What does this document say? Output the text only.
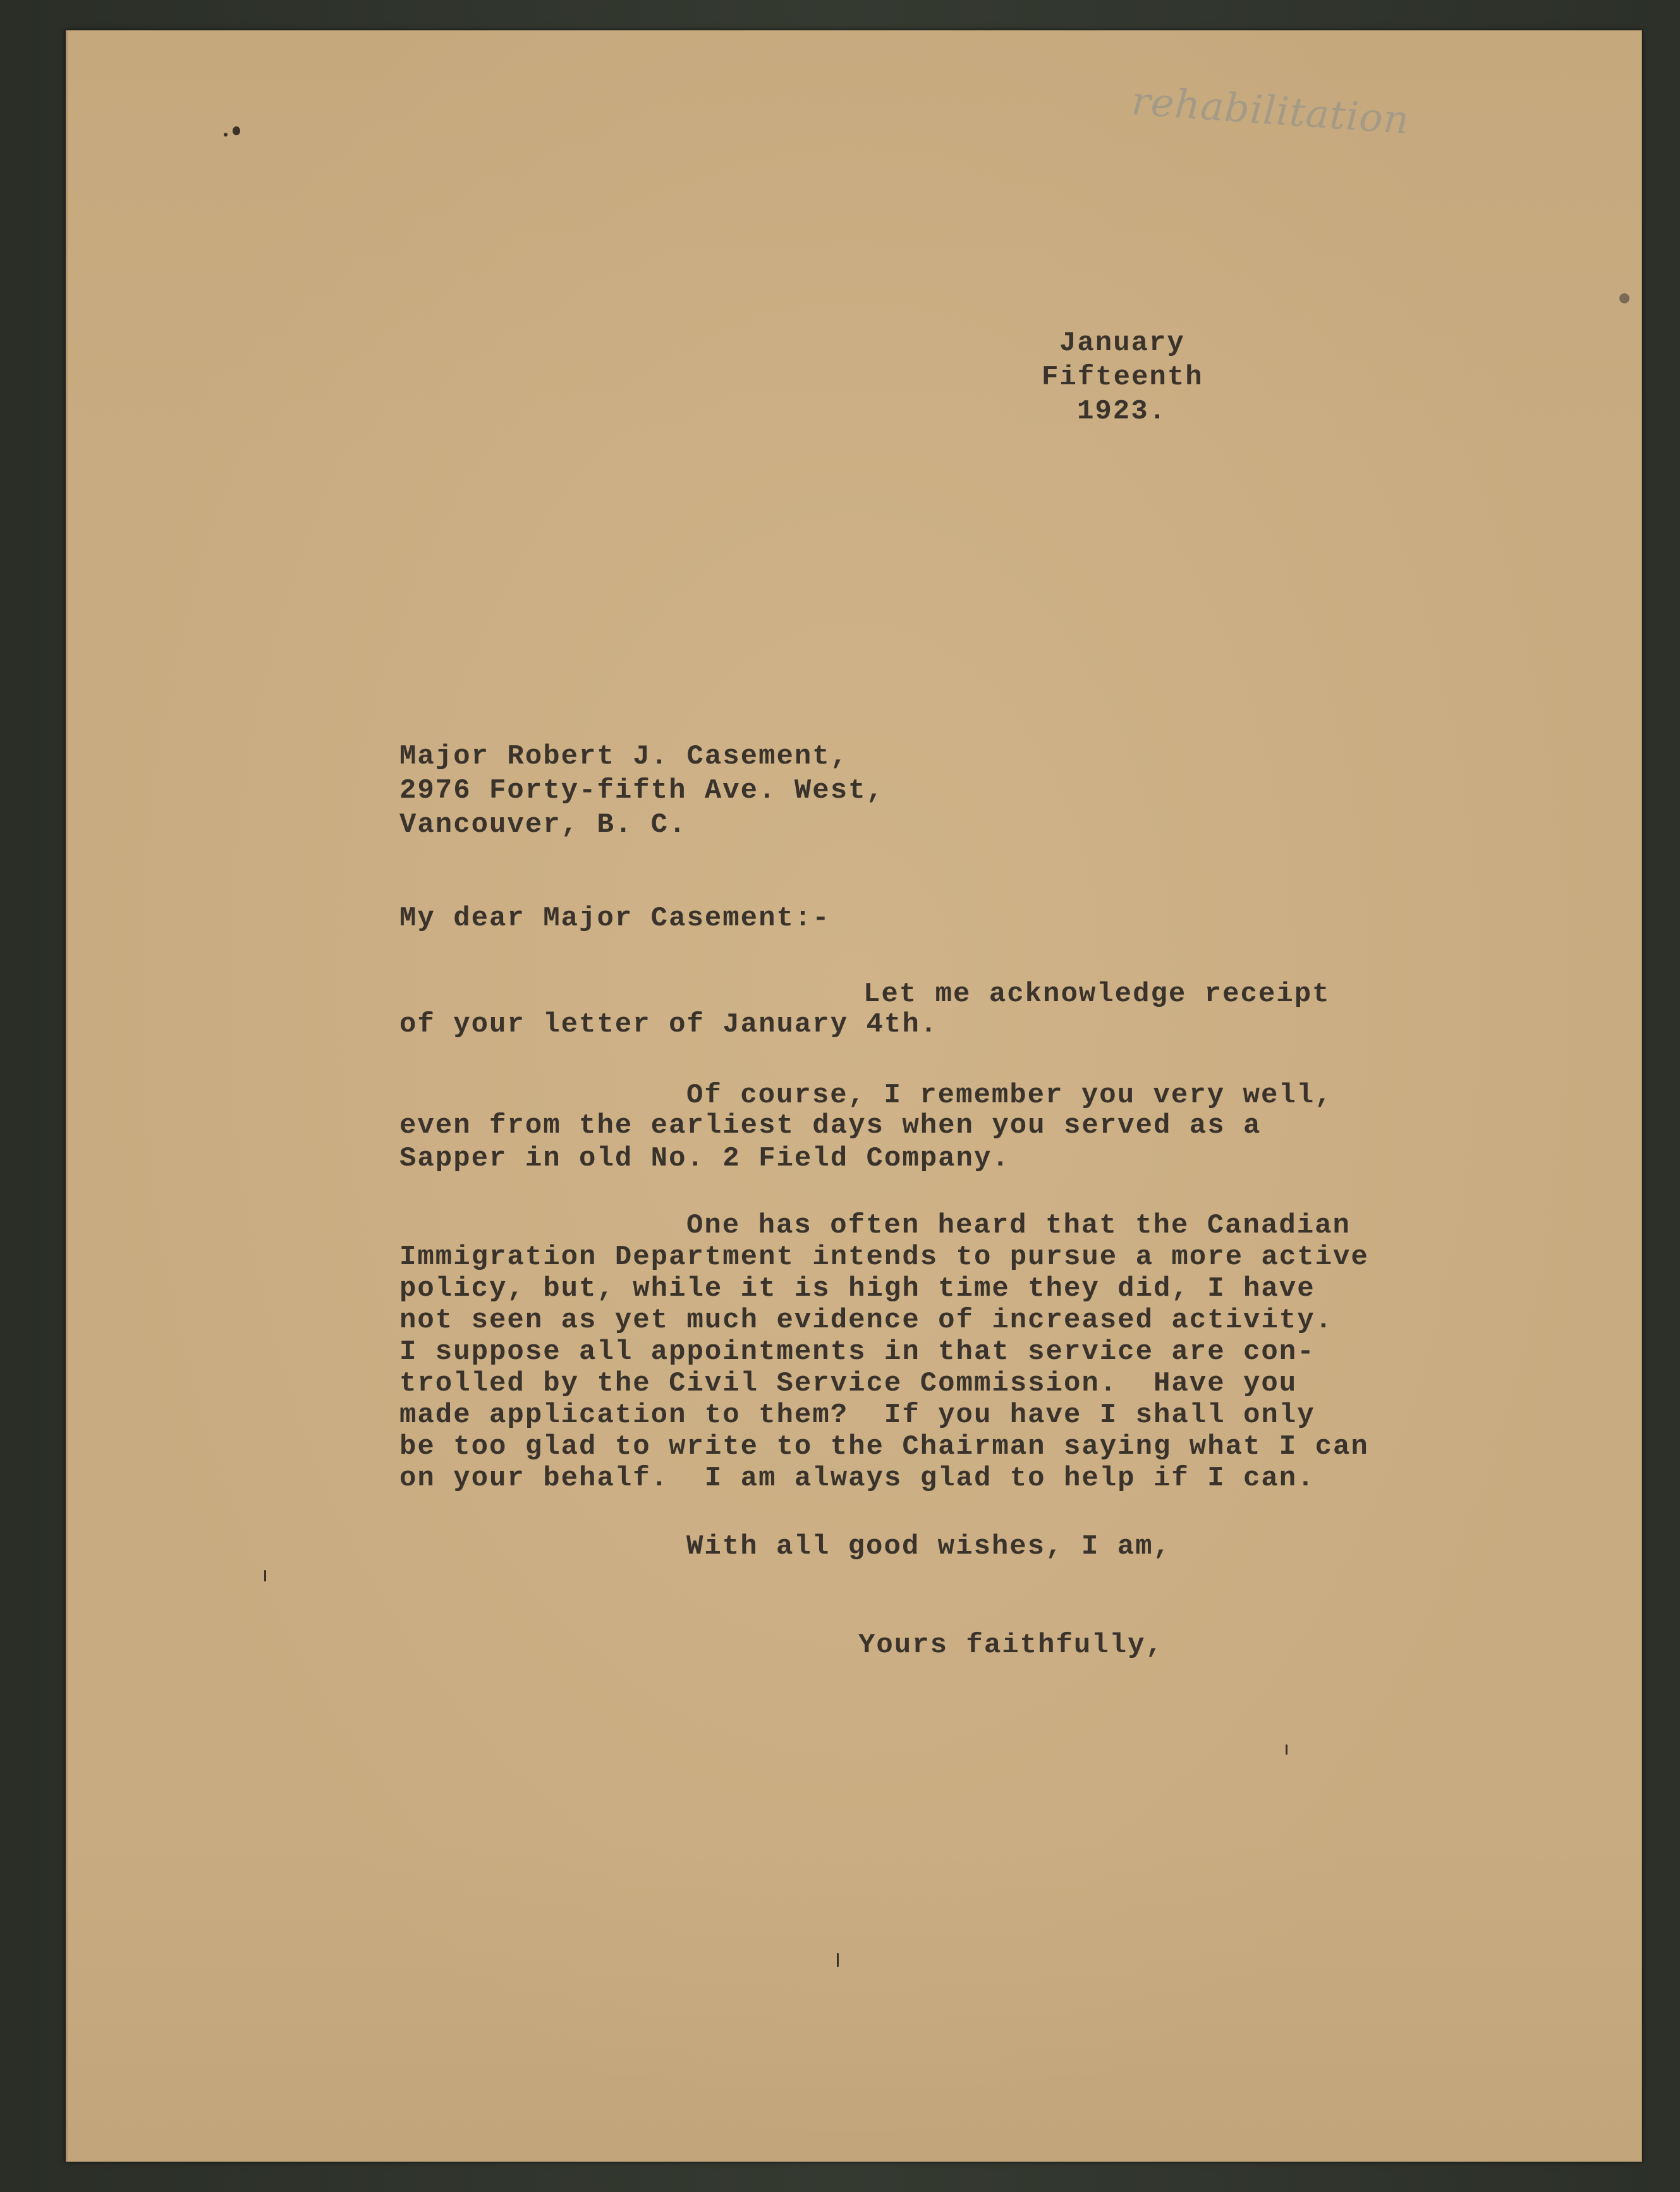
rehabilitation
January
Fifteenth
1923.
Major Robert J. Casement,
2976 Forty-fifth Ave. West,
Vancouver, B. C.
My dear Major Casement:-
Let me acknowledge receipt
of your letter of January 4th.
Of course, I remember you very well,
even from the earliest days when you served as a
Sapper in old No. 2 Field Company.
One has often heard that the Canadian
Immigration Department intends to pursue a more active
policy, but, while it is high time they did, I have
not seen as yet much evidence of increased activity.
I suppose all appointments in that service are con-
trolled by the Civil Service Commission.  Have you
made application to them?  If you have I shall only
be too glad to write to the Chairman saying what I can
on your behalf.  I am always glad to help if I can.
With all good wishes, I am,
Yours faithfully,
